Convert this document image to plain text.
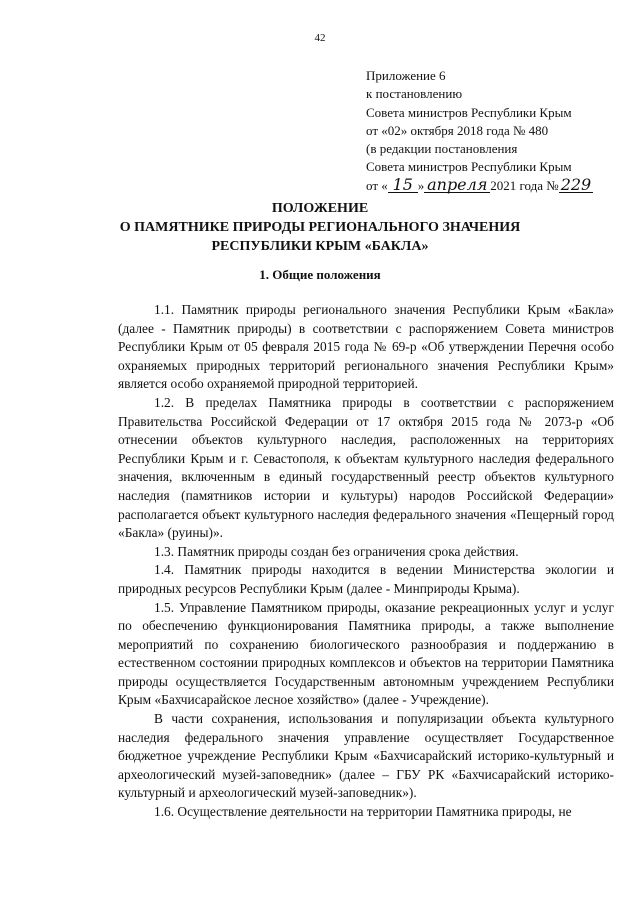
42
Приложение 6
к постановлению
Совета министров Республики Крым
от «02» октября 2018 года № 480
(в редакции постановления
Совета министров Республики Крым
от « 15 » апреля 2021 года № 229
ПОЛОЖЕНИЕ
О ПАМЯТНИКЕ ПРИРОДЫ РЕГИОНАЛЬНОГО ЗНАЧЕНИЯ
РЕСПУБЛИКИ КРЫМ «БАКЛА»
1. Общие положения

1.1. Памятник природы регионального значения Республики Крым «Бакла» (далее - Памятник природы) в соответствии с распоряжением Совета министров Республики Крым от 05 февраля 2015 года № 69-р «Об утверждении Перечня особо охраняемых природных территорий регионального значения Республики Крым» является особо охраняемой природной территорией.

1.2. В пределах Памятника природы в соответствии с распоряжением Правительства Российской Федерации от 17 октября 2015 года № 2073-р «Об отнесении объектов культурного наследия, расположенных на территориях Республики Крым и г. Севастополя, к объектам культурного наследия федерального значения, включенным в единый государственный реестр объектов культурного наследия (памятников истории и культуры) народов Российской Федерации» располагается объект культурного наследия федерального значения «Пещерный город «Бакла» (руины)».

1.3. Памятник природы создан без ограничения срока действия.

1.4. Памятник природы находится в ведении Министерства экологии и природных ресурсов Республики Крым (далее - Минприроды Крыма).

1.5. Управление Памятником природы, оказание рекреационных услуг и услуг по обеспечению функционирования Памятника природы, а также выполнение мероприятий по сохранению биологического разнообразия и поддержанию в естественном состоянии природных комплексов и объектов на территории Памятника природы осуществляется Государственным автономным учреждением Республики Крым «Бахчисарайское лесное хозяйство» (далее - Учреждение).

В части сохранения, использования и популяризации объекта культурного наследия федерального значения управление осуществляет Государственное бюджетное учреждение Республики Крым «Бахчисарайский историко-культурный и археологический музей-заповедник» (далее – ГБУ РК «Бахчисарайский историко-культурный и археологический музей-заповедник»).

1.6. Осуществление деятельности на территории Памятника природы, не
